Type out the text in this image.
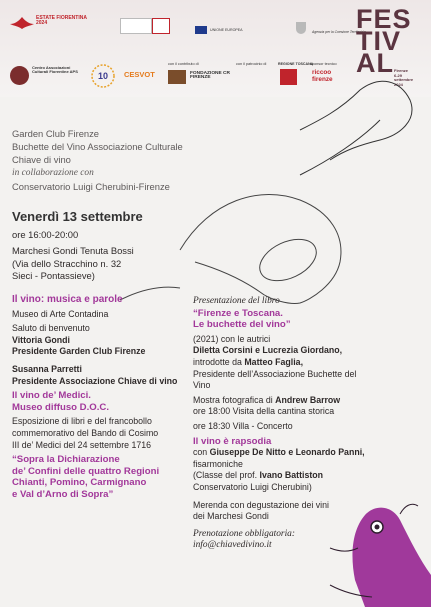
ESTATE FIORENTINA 2024
UNIONE EUROPEA	Agenzia per la Coesione Territoriale
Centro Associazioni Culturali Fiorentine APS 10 CESVOT
con il contributo di
FONDAZIONE CR FIRENZE
con il patrocinio di	REGIONE TOSCANA
sponsor tecnico
riccoo firenze
FES
TIV
AL Firenze
6-29
settembre
2024
Garden Club Firenze
Buchette del Vino Associazione Culturale
Chiave di vino
in collaborazione con
Conservatorio Luigi Cherubini-Firenze
Venerdì 13 settembre
ore 16:00-20:00
Marchesi Gondi Tenuta Bossi
(Via dello Stracchino n. 32
Sieci - Pontassieve)
Il vino: musica e parole
Museo di Arte Contadina
Saluto di benvenuto
Vittoria Gondi
Presidente Garden Club Firenze
Susanna Parretti
Presidente Associazione Chiave di vino
Il vino de’ Medici.
Museo diffuso D.O.C.
Esposizione di libri e del francobollo
commemorativo del Bando di Cosimo
III de’ Medici del 24 settembre 1716
“Sopra la Dichiarazione
de’ Confini delle quattro Regioni
Chianti, Pomino, Carmignano
e Val d’Arno di Sopra”
Presentazione del libro
“Firenze e Toscana.
Le buchette del vino”
(2021) con le autrici
Diletta Corsini e Lucrezia Giordano,
introdotte da Matteo Faglia,
Presidente dell’Associazione Buchette del
Vino
Mostra fotografica di Andrew Barrow
ore 18:00 Visita della cantina storica
ore 18:30 Villa - Concerto
Il vino è rapsodia
con Giuseppe De Nitto e Leonardo Panni,
fisarmoniche
(Classe del prof. Ivano Battiston
Conservatorio Luigi Cherubini)
Merenda con degustazione dei vini
dei Marchesi Gondi
Prenotazione obbligatoria:
info@chiavedivino.it
